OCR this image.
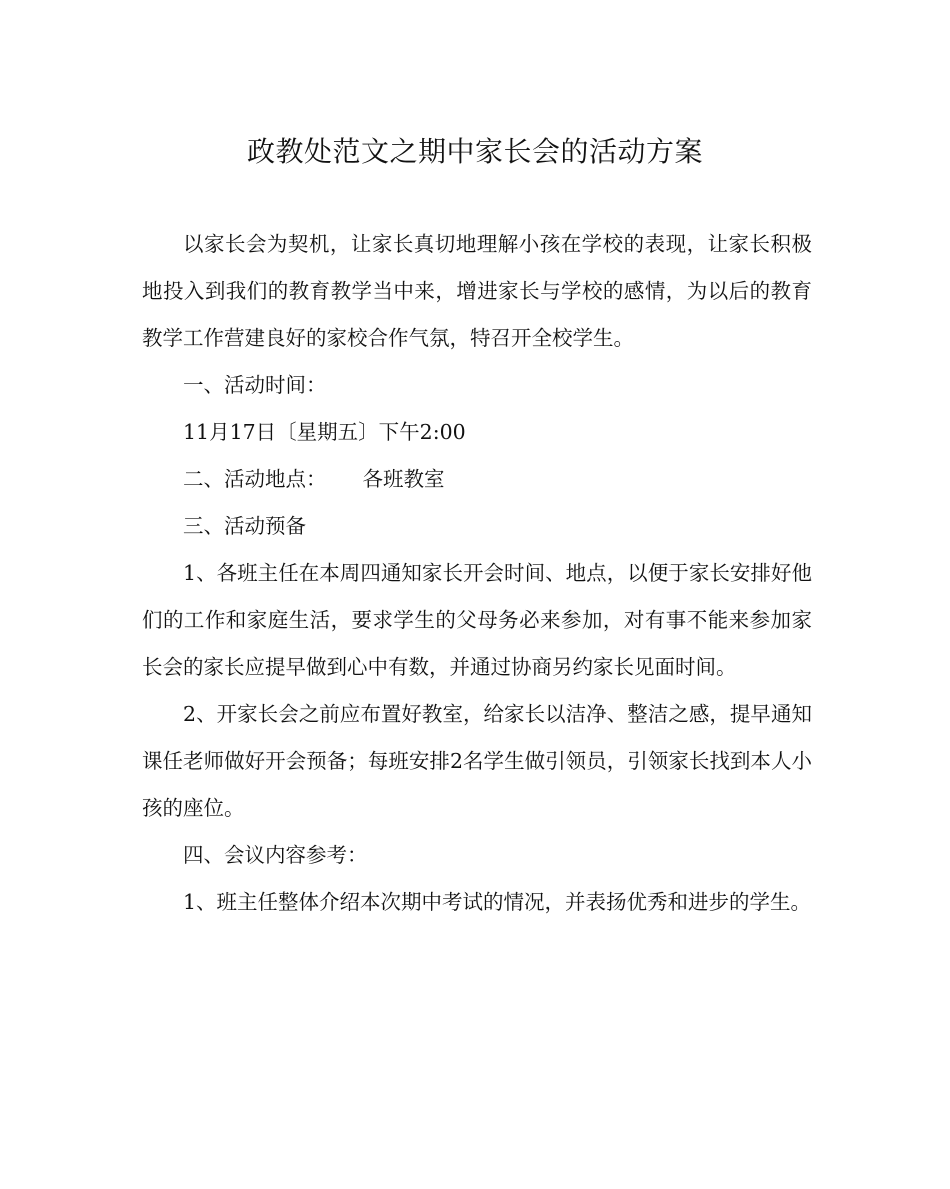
政教处范文之期中家长会的活动方案

以家长会为契机，让家长真切地理解小孩在学校的表现，让家长积极地投入到我们的教育教学当中来，增进家长与学校的感情，为以后的教育教学工作营建良好的家校合作气氛，特召开全校学生。

一、活动时间：

11月17日〔星期五〕下午2:00

二、活动地点： 各班教室

三、活动预备

1、各班主任在本周四通知家长开会时间、地点，以便于家长安排好他们的工作和家庭生活，要求学生的父母务必来参加，对有事不能来参加家长会的家长应提早做到心中有数，并通过协商另约家长见面时间。

2、开家长会之前应布置好教室，给家长以洁净、整洁之感，提早通知课任老师做好开会预备；每班安排2名学生做引领员，引领家长找到本人小孩的座位。

四、会议内容参考：

1、班主任整体介绍本次期中考试的情况，并表扬优秀和进步的学生。
